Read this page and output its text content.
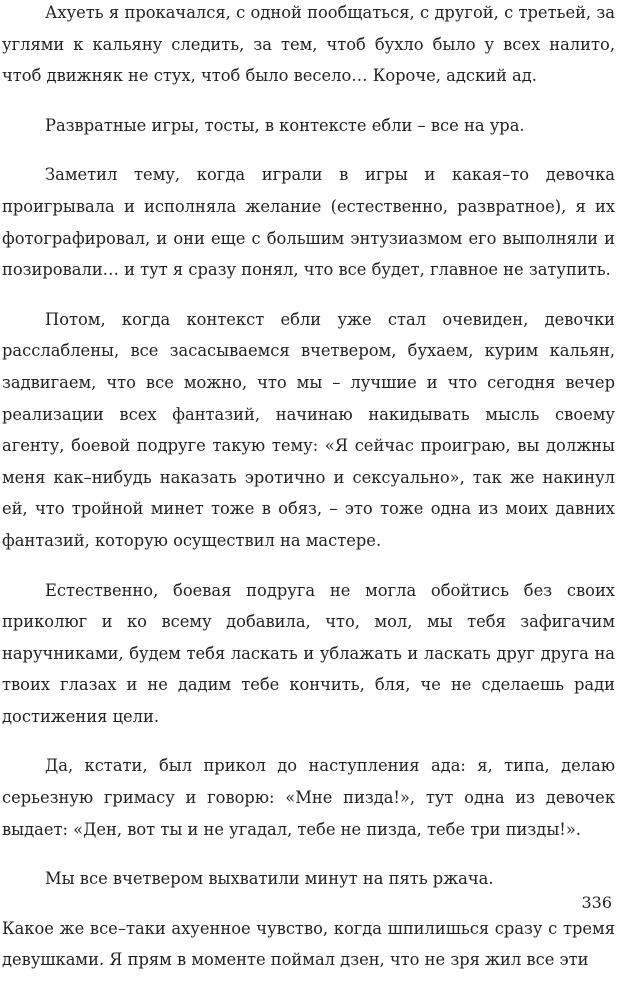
Ахуеть я прокачался, с одной пообщаться, с другой, с третьей, за углями к кальяну следить, за тем, чтоб бухло было у всех налито, чтоб движняк не стух, чтоб было весело… Короче, адский ад.

Развратные игры, тосты, в контексте ебли – все на ура.

Заметил тему, когда играли в игры и какая–то девочка проигрывала и исполняла желание (естественно, развратное), я их фотографировал, и они еще с большим энтузиазмом его выполняли и позировали… и тут я сразу понял, что все будет, главное не затупить.

Потом, когда контекст ебли уже стал очевиден, девочки расслаблены, все засасываемся вчетвером, бухаем, курим кальян, задвигаем, что все можно, что мы – лучшие и что сегодня вечер реализации всех фантазий, начинаю накидывать мысль своему агенту, боевой подруге такую тему: «Я сейчас проиграю, вы должны меня как–нибудь наказать эротично и сексуально», так же накинул ей, что тройной минет тоже в обяз, – это тоже одна из моих давних фантазий, которую осуществил на мастере.

Естественно, боевая подруга не могла обойтись без своих приколюг и ко всему добавила, что, мол, мы тебя зафигачим наручниками, будем тебя ласкать и ублажать и ласкать друг друга на твоих глазах и не дадим тебе кончить, бля, че не сделаешь ради достижения цели.

Да, кстати, был прикол до наступления ада: я, типа, делаю серьезную гримасу и говорю: «Мне пизда!», тут одна из девочек выдает: «Ден, вот ты и не угадал, тебе не пизда, тебе три пизды!».

Мы все вчетвером выхватили минут на пять ржача.

Какое же все–таки ахуенное чувство, когда шпилишься сразу с тремя девушками. Я прям в моменте поймал дзен, что не зря жил все эти

336
